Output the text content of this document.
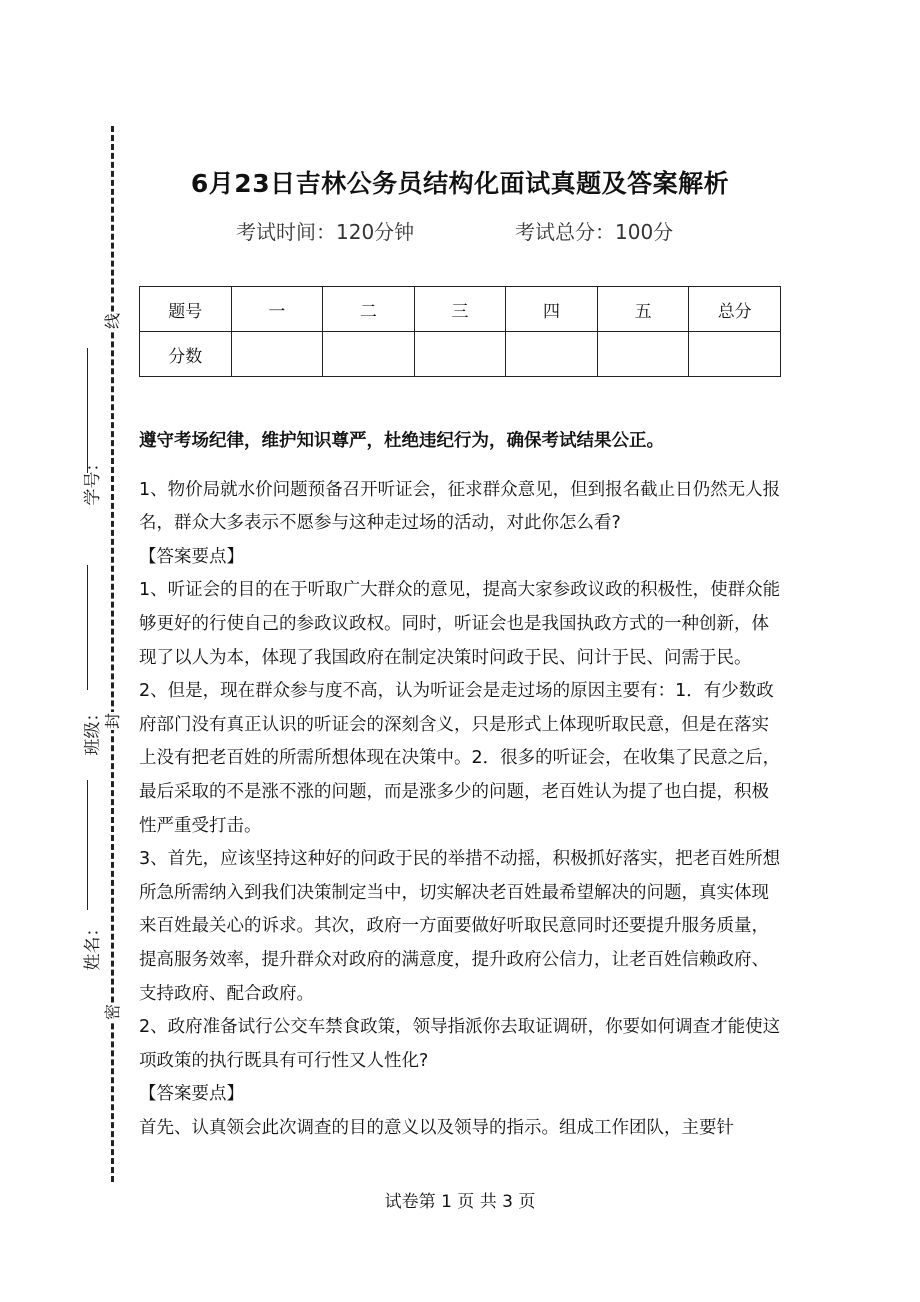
线
封
密
学号：
班级：
姓名：
6月23日吉林公务员结构化面试真题及答案解析
考试时间：120分钟	考试总分：100分
题号	一	二	三	四	五	总分
分数						

遵守考场纪律，维护知识尊严，杜绝违纪行为，确保考试结果公正。

1、物价局就水价问题预备召开听证会，征求群众意见，但到报名截止日仍然无人报名，群众大多表示不愿参与这种走过场的活动，对此你怎么看?

【答案要点】

1、听证会的目的在于听取广大群众的意见，提高大家参政议政的积极性，使群众能够更好的行使自己的参政议政权。同时，听证会也是我国执政方式的一种创新，体现了以人为本，体现了我国政府在制定决策时问政于民、问计于民、问需于民。

2、但是，现在群众参与度不高，认为听证会是走过场的原因主要有：1．有少数政府部门没有真正认识的听证会的深刻含义，只是形式上体现听取民意，但是在落实上没有把老百姓的所需所想体现在决策中。2．很多的听证会，在收集了民意之后，最后采取的不是涨不涨的问题，而是涨多少的问题，老百姓认为提了也白提，积极性严重受打击。

3、首先，应该坚持这种好的问政于民的举措不动摇，积极抓好落实，把老百姓所想所急所需纳入到我们决策制定当中，切实解决老百姓最希望解决的问题，真实体现来百姓最关心的诉求。其次，政府一方面要做好听取民意同时还要提升服务质量，提高服务效率，提升群众对政府的满意度，提升政府公信力，让老百姓信赖政府、支持政府、配合政府。

2、政府准备试行公交车禁食政策，领导指派你去取证调研，你要如何调查才能使这项政策的执行既具有可行性又人性化?

【答案要点】

首先、认真领会此次调查的目的意义以及领导的指示。组成工作团队，主要针

试卷第 1 页 共 3 页
